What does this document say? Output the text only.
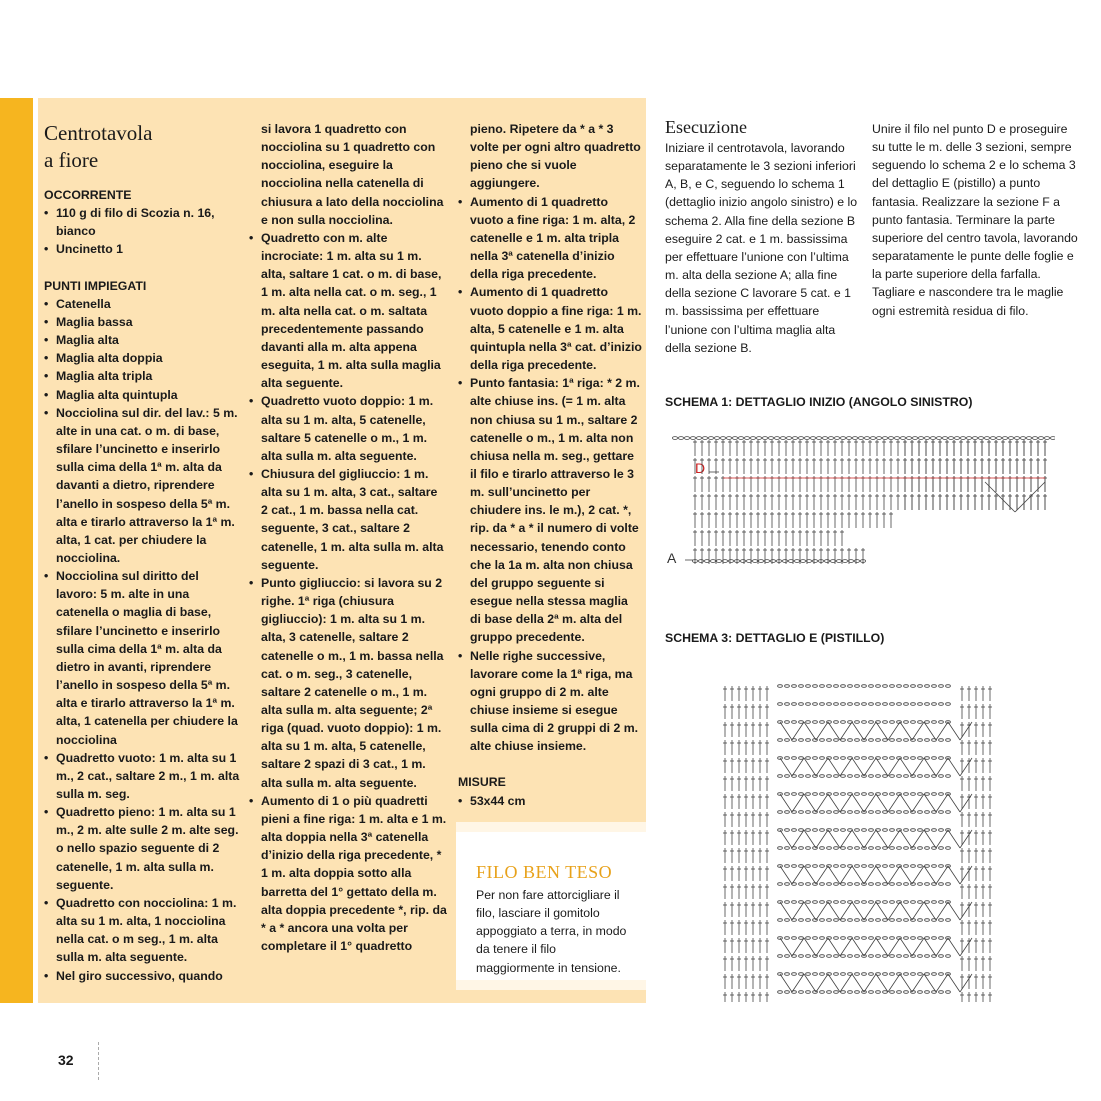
Centrotavola
a fiore

OCCORRENTE

• 110 g di filo di Scozia n. 16, bianco
• Uncinetto 1

PUNTI IMPIEGATI

• Catenella
• Maglia bassa
• Maglia alta
• Maglia alta doppia
• Maglia alta tripla
• Maglia alta quintupla
• Nocciolina sul dir. del lav.: 5 m. alte in una cat. o m. di base, sfilare l’uncinetto e inserirlo sulla cima della 1ª m. alta da davanti a dietro, riprendere l’anello in sospeso della 5ª m. alta e tirarlo attraverso la 1ª m. alta, 1 cat. per chiudere la nocciolina.
• Nocciolina sul diritto del lavoro: 5 m. alte in una catenella o maglia di base, sfilare l’uncinetto e inserirlo sulla cima della 1ª m. alta da dietro in avanti, riprendere l’anello in sospeso della 5ª m. alta e tirarlo attraverso la 1ª m. alta, 1 catenella per chiudere la nocciolina
• Quadretto vuoto: 1 m. alta su 1 m., 2 cat., saltare 2 m., 1 m. alta sulla m. seg.
• Quadretto pieno: 1 m. alta su 1 m., 2 m. alte sulle 2 m. alte seg. o nello spazio seguente di 2 catenelle, 1 m. alta sulla m. seguente.
• Quadretto con nocciolina: 1 m. alta su 1 m. alta, 1 nocciolina nella cat. o m seg., 1 m. alta sulla m. alta seguente.
• Nel giro successivo, quando

si lavora 1 quadretto con nocciolina su 1 quadretto con nocciolina, eseguire la nocciolina nella catenella di chiusura a lato della nocciolina e non sulla nocciolina.

• Quadretto con m. alte incrociate: 1 m. alta su 1 m. alta, saltare 1 cat. o m. di base, 1 m. alta nella cat. o m. seg., 1 m. alta nella cat. o m. saltata precedentemente passando davanti alla m. alta appena eseguita, 1 m. alta sulla maglia alta seguente.
• Quadretto vuoto doppio: 1 m. alta su 1 m. alta, 5 catenelle, saltare 5 catenelle o m., 1 m. alta sulla m. alta seguente.
• Chiusura del gigliuccio: 1 m. alta su 1 m. alta, 3 cat., saltare 2 cat., 1 m. bassa nella cat. seguente, 3 cat., saltare 2 catenelle, 1 m. alta sulla m. alta seguente.
• Punto gigliuccio: si lavora su 2 righe. 1ª riga (chiusura gigliuccio): 1 m. alta su 1 m. alta, 3 catenelle, saltare 2 catenelle o m., 1 m. bassa nella cat. o m. seg., 3 catenelle, saltare 2 catenelle o m., 1 m. alta sulla m. alta seguente; 2ª riga (quad. vuoto doppio): 1 m. alta su 1 m. alta, 5 catenelle, saltare 2 spazi di 3 cat., 1 m. alta sulla m. alta seguente.
• Aumento di 1 o più quadretti pieni a fine riga: 1 m. alta e 1 m. alta doppia nella 3ª catenella d’inizio della riga precedente, * 1 m. alta doppia sotto alla barretta del 1° gettato della m. alta doppia precedente *, rip. da * a * ancora una volta per completare il 1° quadretto

pieno. Ripetere da * a * 3 volte per ogni altro quadretto pieno che si vuole aggiungere.

• Aumento di 1 quadretto vuoto a fine riga: 1 m. alta, 2 catenelle e 1 m. alta tripla nella 3ª catenella d’inizio della riga precedente.
• Aumento di 1 quadretto vuoto doppio a fine riga: 1 m. alta, 5 catenelle e 1 m. alta quintupla nella 3ª cat. d’inizio della riga precedente.
• Punto fantasia: 1ª riga: * 2 m. alte chiuse ins. (= 1 m. alta non chiusa su 1 m., saltare 2 catenelle o m., 1 m. alta non chiusa nella m. seg., gettare il filo e tirarlo attraverso le 3 m. sull’uncinetto per chiudere ins. le m.), 2 cat. *, rip. da * a * il numero di volte necessario, tenendo conto che la 1a m. alta non chiusa del gruppo seguente si esegue nella stessa maglia di base della 2ª m. alta del gruppo precedente.
• Nelle righe successive, lavorare come la 1ª riga, ma ogni gruppo di 2 m. alte chiuse insieme si esegue sulla cima di 2 gruppi di 2 m. alte chiuse insieme.

MISURE

• 53x44 cm
FILO BEN TESO
Per non fare attorcigliare il filo, lasciare il gomitolo appoggiato a terra, in modo da tenere il filo maggiormente in tensione.
Esecuzione
Iniziare il centrotavola, lavorando separatamente le 3 sezioni inferiori A, B, e C, seguendo lo schema 1 (dettaglio inizio angolo sinistro) e lo schema 2. Alla fine della sezione B eseguire 2 cat. e 1 m. bassissima per effettuare l’unione con l’ultima m. alta della sezione A; alla fine della sezione C lavorare 5 cat. e 1 m. bassissima per effettuare l’unione con l’ultima maglia alta della sezione B.
Unire il filo nel punto D e proseguire su tutte le m. delle 3 sezioni, sempre seguendo lo schema 2 e lo schema 3 del dettaglio E (pistillo) a punto fantasia. Realizzare la sezione F a punto fantasia. Terminare la parte superiore del centro tavola, lavorando separatamente le punte delle foglie e la parte superiore della farfalla. Tagliare e nascondere tra le maglie ogni estremità residua di filo.
SCHEMA 1: DETTAGLIO INIZIO (ANGOLO SINISTRO)
D
A
SCHEMA 3: DETTAGLIO E (PISTILLO)
32
